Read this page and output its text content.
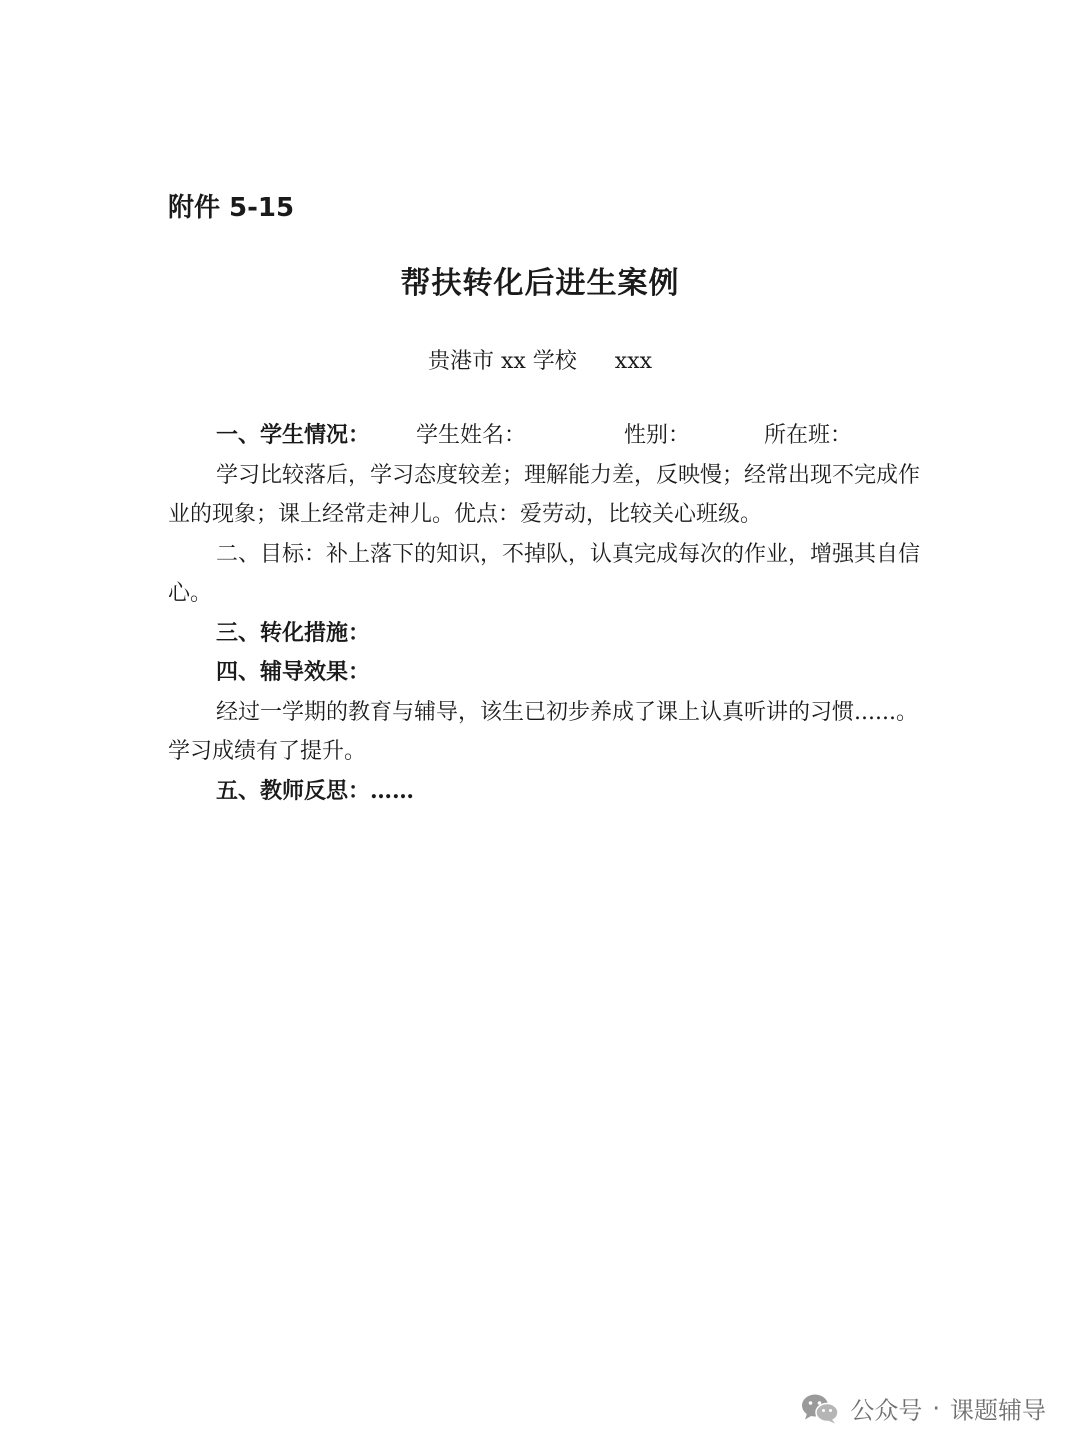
附件 5-15
帮扶转化后进生案例
贵港市 xx 学校 xxx

一、学生情况： 学生姓名：	性别：	所在班：

学习比较落后，学习态度较差；理解能力差，反映慢；经常出现不完成作业的现象；课上经常走神儿。优点：爱劳动，比较关心班级。

二、目标：补上落下的知识，不掉队，认真完成每次的作业，增强其自信心。

三、转化措施：

四、辅导效果：

经过一学期的教育与辅导，该生已初步养成了课上认真听讲的习惯......。学习成绩有了提升。

五、教师反思：……

公众号 · 课题辅导
